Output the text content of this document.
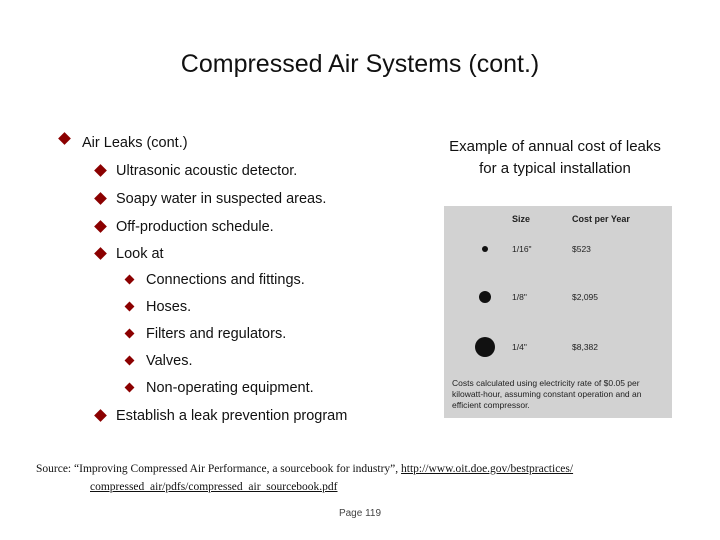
Compressed Air Systems (cont.)
Air Leaks (cont.)
Ultrasonic acoustic detector.
Soapy water in suspected areas.
Off-production schedule.
Look at
Connections and fittings.
Hoses.
Filters and regulators.
Valves.
Non-operating equipment.
Establish a leak prevention program
Example of annual cost of leaks for a typical installation
Size	Cost per Year
1/16"	$523
1/8"	$2,095
1/4"	$8,382
Costs calculated using electricity rate of $0.05 per kilowatt-hour, assuming constant operation and an efficient compressor.
Source: “Improving Compressed Air Performance, a sourcebook for industry”, http://www.oit.doe.gov/bestpractices/
compressed_air/pdfs/compressed_air_sourcebook.pdf
Page 119
